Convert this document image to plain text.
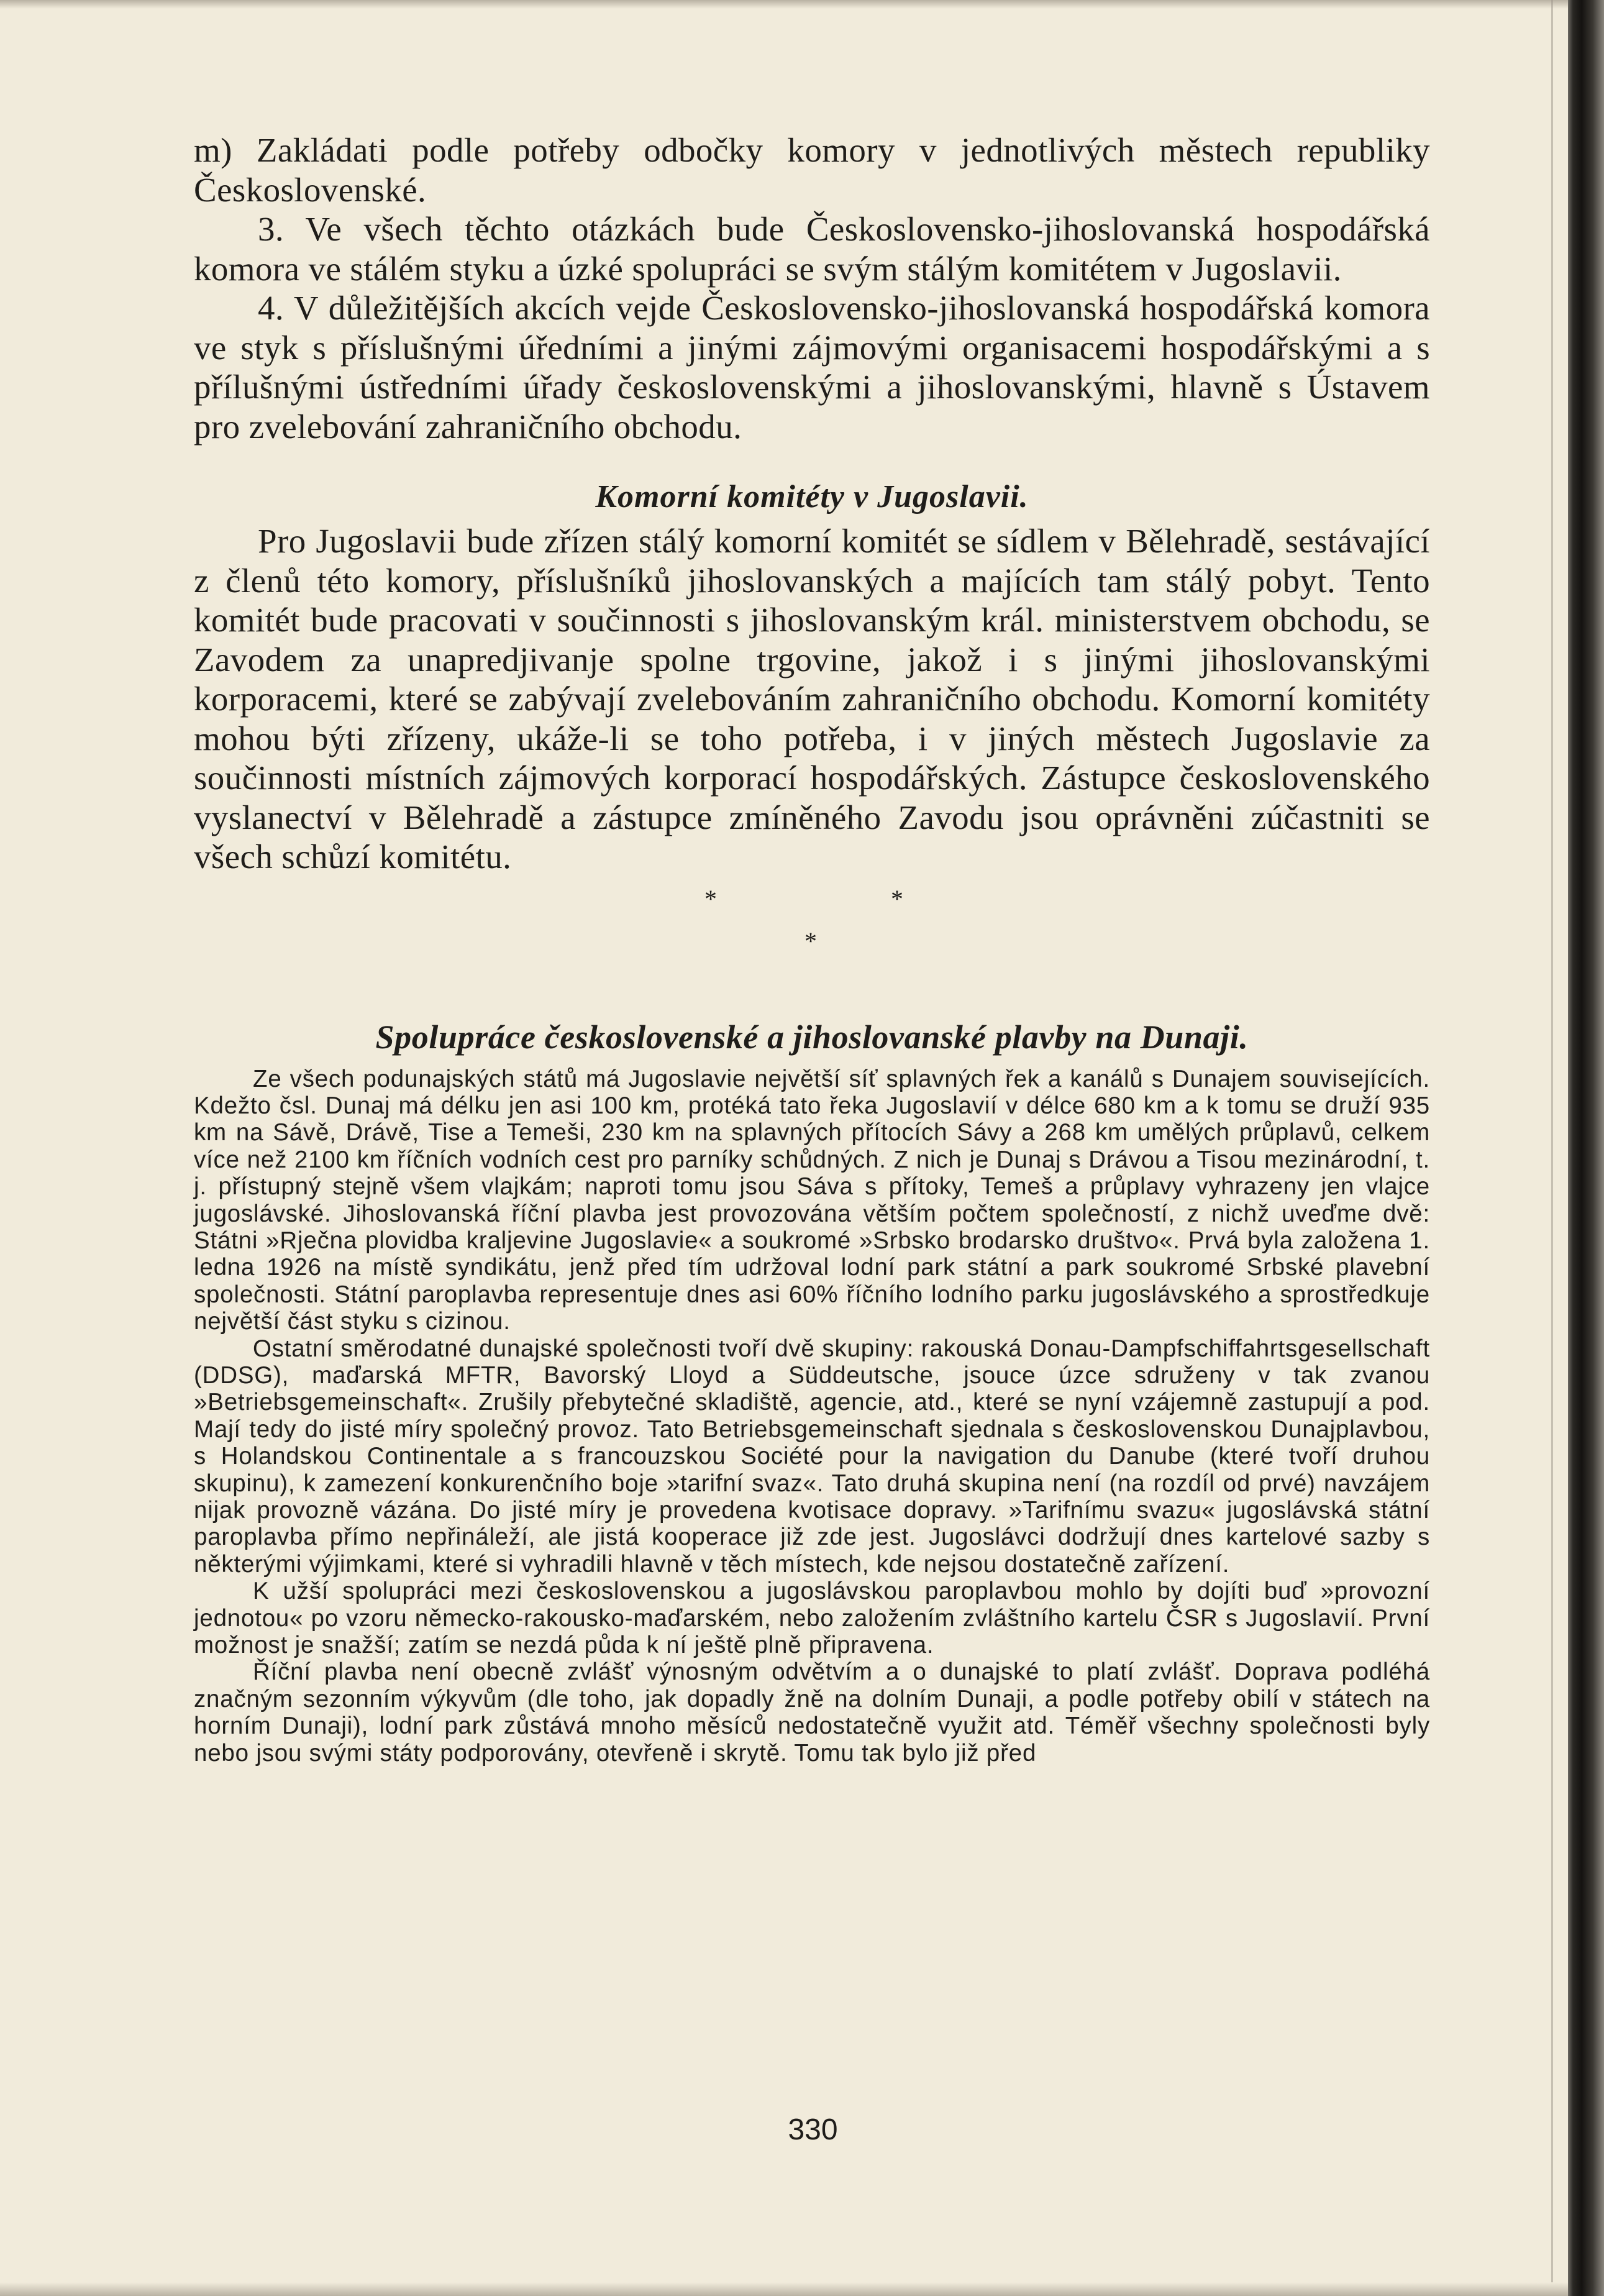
m) Zakládati podle potřeby odbočky komory v jednotlivých městech republiky Československé.

3. Ve všech těchto otázkách bude Československo-jihoslovanská hospodářská komora ve stálém styku a úzké spolupráci se svým stálým komitétem v Jugoslavii.

4. V důležitějších akcích vejde Československo-jihoslovanská hospodářská komora ve styk s příslušnými úředními a jinými zájmovými organisacemi hospodářskými a s přílušnými ústředními úřady československými a jihoslovanskými, hlavně s Ústavem pro zvelebování zahraničního obchodu.

Komorní komitéty v Jugoslavii.

Pro Jugoslavii bude zřízen stálý komorní komitét se sídlem v Bělehradě, sestávající z členů této komory, příslušníků jihoslovanských a majících tam stálý pobyt. Tento komitét bude pracovati v součinnosti s jihoslovanským král. ministerstvem obchodu, se Zavodem za unapredjivanje spolne trgovine, jakož i s jinými jihoslovanskými korporacemi, které se zabývají zvelebováním zahraničního obchodu. Komorní komitéty mohou býti zřízeny, ukáže-li se toho potřeba, i v jiných městech Jugoslavie za součinnosti místních zájmových korporací hospodářských. Zástupce československého vyslanectví v Bělehradě a zástupce zmíněného Zavodu jsou oprávněni zúčastniti se všech schůzí komitétu.

*	*
*
Spolupráce československé a jihoslovanské plavby na Dunaji.

Ze všech podunajských států má Jugoslavie největší síť splavných řek a kanálů s Dunajem souvisejících. Kdežto čsl. Dunaj má délku jen asi 100 km, protéká tato řeka Jugoslavií v délce 680 km a k tomu se druží 935 km na Sávě, Drávě, Tise a Temeši, 230 km na splavných přítocích Sávy a 268 km umělých průplavů, celkem více než 2100 km říčních vodních cest pro parníky schůdných. Z nich je Dunaj s Drávou a Tisou mezinárodní, t. j. přístupný stejně všem vlajkám; naproti tomu jsou Sáva s přítoky, Temeš a průplavy vyhrazeny jen vlajce jugoslávské. Jihoslovanská říční plavba jest provozována větším počtem společností, z nichž uveďme dvě: Státni »Rječna plovidba kraljevine Jugoslavie« a soukromé »Srbsko brodarsko društvo«. Prvá byla založena 1. ledna 1926 na místě syndikátu, jenž před tím udržoval lodní park státní a park soukromé Srbské plavební společnosti. Státní paroplavba representuje dnes asi 60% říčního lodního parku jugoslávského a sprostředkuje největší část styku s cizinou.

Ostatní směrodatné dunajské společnosti tvoří dvě skupiny: rakouská Donau-Dampfschiffahrtsgesellschaft (DDSG), maďarská MFTR, Bavorský Lloyd a Süddeutsche, jsouce úzce sdruženy v tak zvanou »Betriebsgemeinschaft«. Zrušily přebytečné skladiště, agencie, atd., které se nyní vzájemně zastupují a pod. Mají tedy do jisté míry společný provoz. Tato Betriebsgemeinschaft sjednala s československou Dunajplavbou, s Holandskou Continentale a s francouzskou Société pour la navigation du Danube (které tvoří druhou skupinu), k zamezení konkurenčního boje »tarifní svaz«. Tato druhá skupina není (na rozdíl od prvé) navzájem nijak provozně vázána. Do jisté míry je provedena kvotisace dopravy. »Tarifnímu svazu« jugoslávská státní paroplavba přímo nepřináleží, ale jistá kooperace již zde jest. Jugoslávci dodržují dnes kartelové sazby s některými výjimkami, které si vyhradili hlavně v těch místech, kde nejsou dostatečně zařízení.

K užší spolupráci mezi československou a jugoslávskou paroplavbou mohlo by dojíti buď »provozní jednotou« po vzoru německo-rakousko-maďarském, nebo založením zvláštního kartelu ČSR s Jugoslavií. První možnost je snažší; zatím se nezdá půda k ní ještě plně připravena.

Říční plavba není obecně zvlášť výnosným odvětvím a o dunajské to platí zvlášť. Doprava podléhá značným sezonním výkyvům (dle toho, jak dopadly žně na dolním Dunaji, a podle potřeby obilí v státech na horním Dunaji), lodní park zůstává mnoho měsíců nedostatečně využit atd. Téměř všechny společnosti byly nebo jsou svými státy podporovány, otevřeně i skrytě. Tomu tak bylo již před

330
